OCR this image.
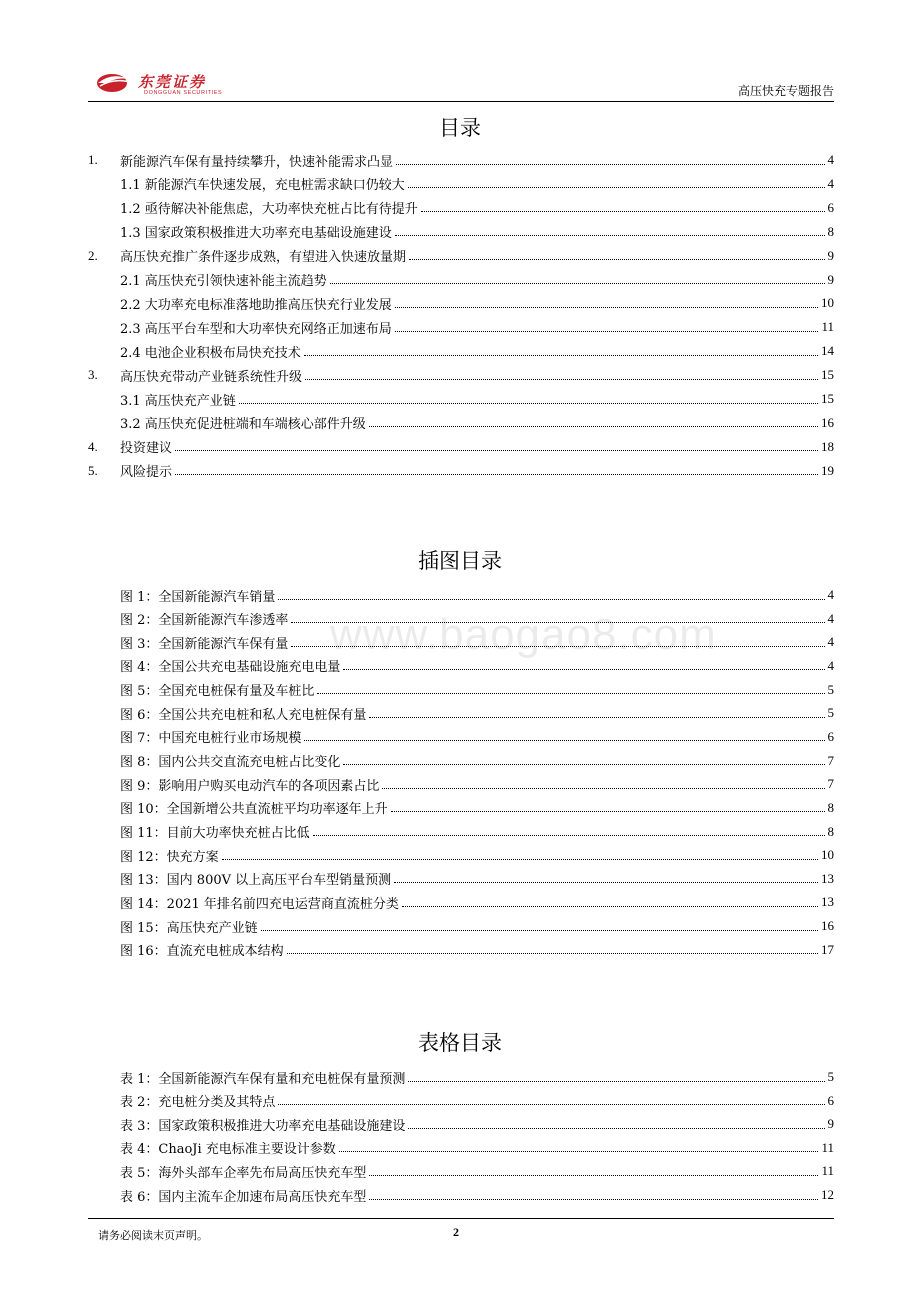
东莞证券
DONGGUAN SECURITIES	高压快充专题报告
www.baogao8.com
目录
1. 新能源汽车保有量持续攀升，快速补能需求凸显	4
1.1 新能源汽车快速发展，充电桩需求缺口仍较大	4
1.2 亟待解决补能焦虑，大功率快充桩占比有待提升	6
1.3 国家政策积极推进大功率充电基础设施建设	8
2. 高压快充推广条件逐步成熟，有望进入快速放量期	9
2.1 高压快充引领快速补能主流趋势	9
2.2 大功率充电标准落地助推高压快充行业发展	10
2.3 高压平台车型和大功率快充网络正加速布局	11
2.4 电池企业积极布局快充技术	14
3. 高压快充带动产业链系统性升级	15
3.1 高压快充产业链	15
3.2 高压快充促进桩端和车端核心部件升级	16
4. 投资建议	18
5. 风险提示	19
插图目录
图 1：全国新能源汽车销量	4
图 2：全国新能源汽车渗透率	4
图 3：全国新能源汽车保有量	4
图 4：全国公共充电基础设施充电电量	4
图 5：全国充电桩保有量及车桩比	5
图 6：全国公共充电桩和私人充电桩保有量	5
图 7：中国充电桩行业市场规模	6
图 8：国内公共交直流充电桩占比变化	7
图 9：影响用户购买电动汽车的各项因素占比	7
图 10：全国新增公共直流桩平均功率逐年上升	8
图 11：目前大功率快充桩占比低	8
图 12：快充方案	10
图 13：国内 800V 以上高压平台车型销量预测	13
图 14：2021 年排名前四充电运营商直流桩分类	13
图 15：高压快充产业链	16
图 16：直流充电桩成本结构	17
表格目录
表 1：全国新能源汽车保有量和充电桩保有量预测	5
表 2：充电桩分类及其特点	6
表 3：国家政策积极推进大功率充电基础设施建设	9
表 4：ChaoJi 充电标准主要设计参数	11
表 5：海外头部车企率先布局高压快充车型	11
表 6：国内主流车企加速布局高压快充车型	12
请务必阅读末页声明。	2
